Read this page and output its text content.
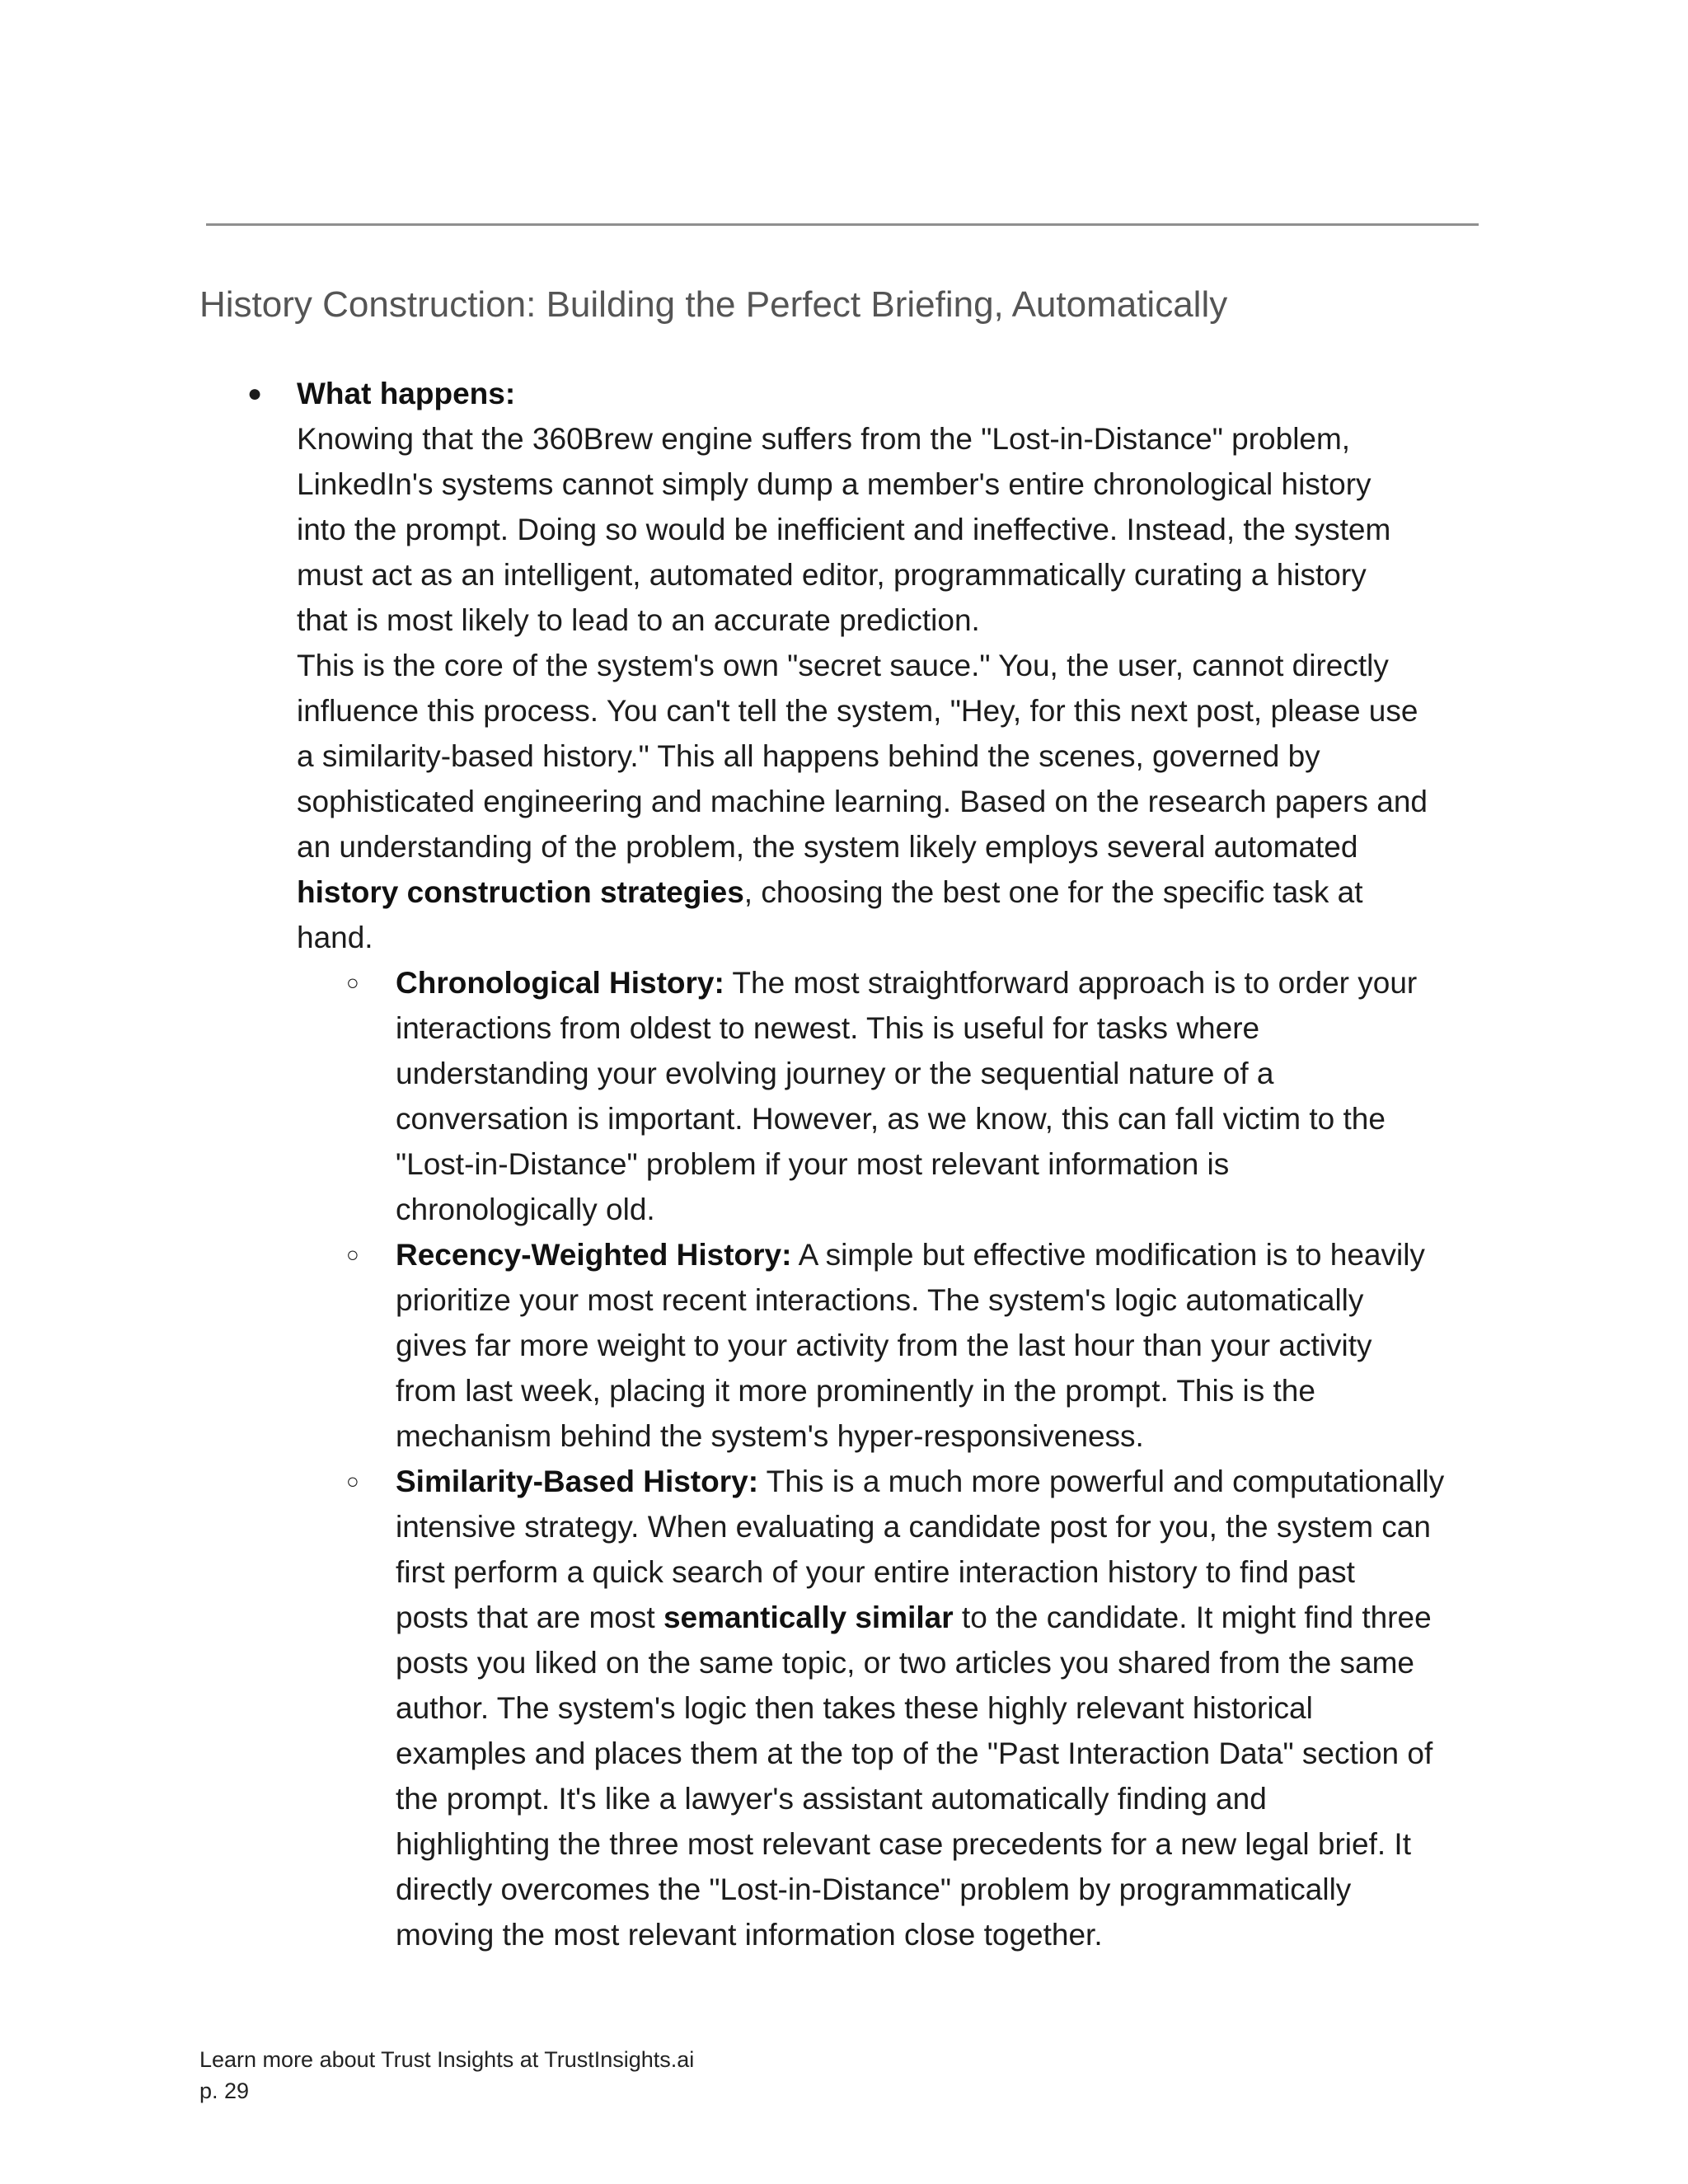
History Construction: Building the Perfect Briefing, Automatically
● What happens:
Knowing that the 360Brew engine suffers from the "Lost-in-Distance" problem,
LinkedIn's systems cannot simply dump a member's entire chronological history
into the prompt. Doing so would be inefficient and ineffective. Instead, the system
must act as an intelligent, automated editor, programmatically curating a history
that is most likely to lead to an accurate prediction.
This is the core of the system's own "secret sauce." You, the user, cannot directly
influence this process. You can't tell the system, "Hey, for this next post, please use
a similarity-based history." This all happens behind the scenes, governed by
sophisticated engineering and machine learning. Based on the research papers and
an understanding of the problem, the system likely employs several automated
history construction strategies, choosing the best one for the specific task at
hand.
○ Chronological History: The most straightforward approach is to order your
interactions from oldest to newest. This is useful for tasks where
understanding your evolving journey or the sequential nature of a
conversation is important. However, as we know, this can fall victim to the
"Lost-in-Distance" problem if your most relevant information is
chronologically old.
○ Recency-Weighted History: A simple but effective modification is to heavily
prioritize your most recent interactions. The system's logic automatically
gives far more weight to your activity from the last hour than your activity
from last week, placing it more prominently in the prompt. This is the
mechanism behind the system's hyper-responsiveness.
○ Similarity-Based History: This is a much more powerful and computationally
intensive strategy. When evaluating a candidate post for you, the system can
first perform a quick search of your entire interaction history to find past
posts that are most semantically similar to the candidate. It might find three
posts you liked on the same topic, or two articles you shared from the same
author. The system's logic then takes these highly relevant historical
examples and places them at the top of the "Past Interaction Data" section of
the prompt. It's like a lawyer's assistant automatically finding and
highlighting the three most relevant case precedents for a new legal brief. It
directly overcomes the "Lost-in-Distance" problem by programmatically
moving the most relevant information close together.
Learn more about Trust Insights at TrustInsights.ai
p. 29
